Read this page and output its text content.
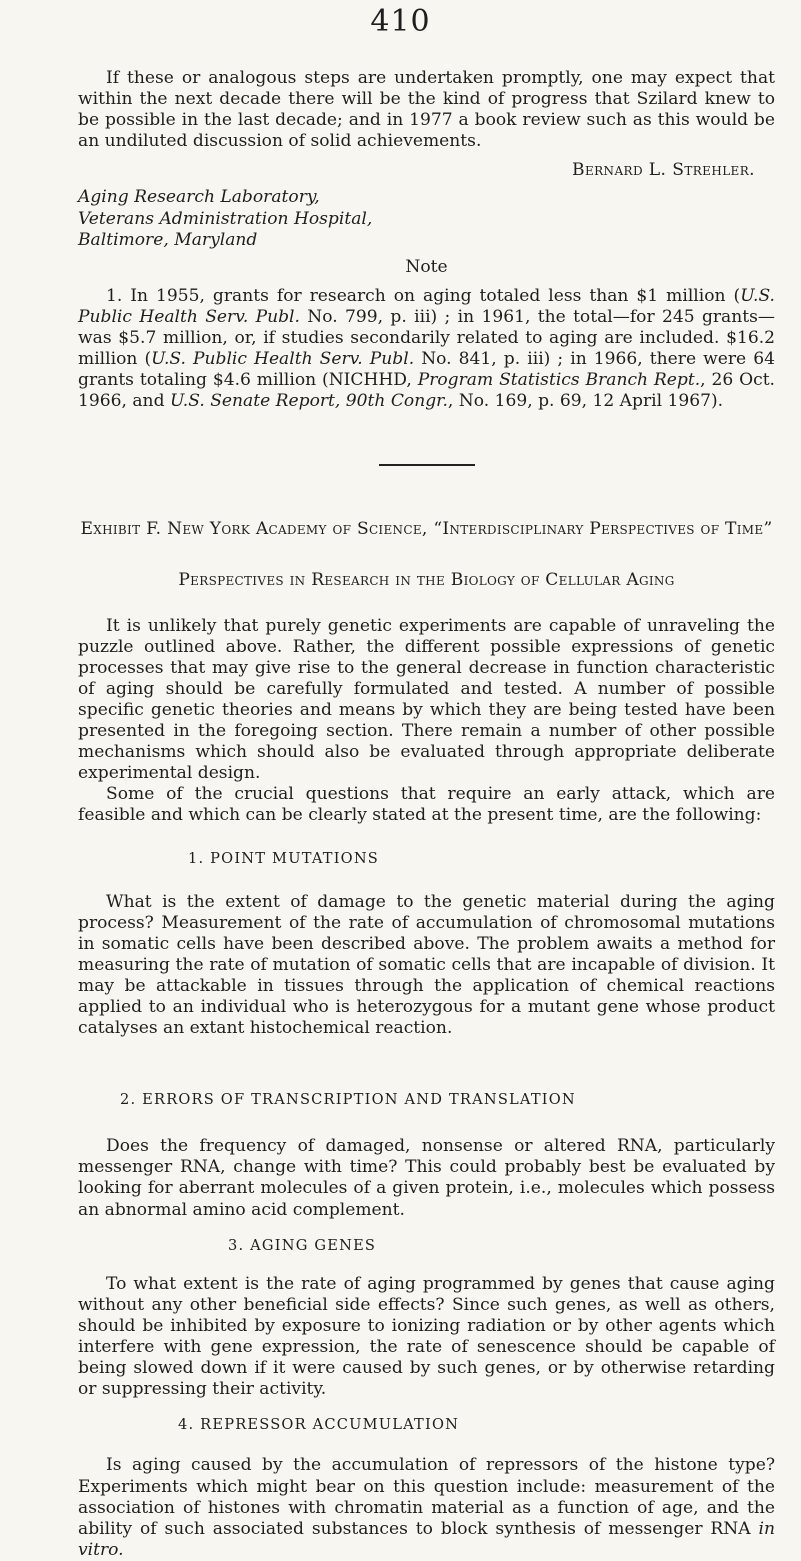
410

If these or analogous steps are undertaken promptly, one may expect that within the next decade there will be the kind of progress that Szilard knew to be possible in the last decade; and in 1977 a book review such as this would be an undiluted discussion of solid achievements.

Bernard L. Strehler.
Aging Research Laboratory,
Veterans Administration Hospital,
Baltimore, Maryland
Note

1. In 1955, grants for research on aging totaled less than $1 million (U.S. Public Health Serv. Publ. No. 799, p. iii) ; in 1961, the total—for 245 grants—was $5.7 million, or, if studies secondarily related to aging are included. $16.2 million (U.S. Public Health Serv. Publ. No. 841, p. iii) ; in 1966, there were 64 grants totaling $4.6 million (NICHHD, Program Statistics Branch Rept., 26 Oct. 1966, and U.S. Senate Report, 90th Congr., No. 169, p. 69, 12 April 1967).

Exhibit F. New York Academy of Science, “Interdisciplinary Perspectives of Time”
Perspectives in Research in the Biology of Cellular Aging

It is unlikely that purely genetic experiments are capable of unraveling the puzzle outlined above. Rather, the different possible expressions of genetic processes that may give rise to the general decrease in function characteristic of aging should be carefully formulated and tested. A number of possible specific genetic theories and means by which they are being tested have been presented in the foregoing section. There remain a number of other possible mechanisms which should also be evaluated through appropriate deliberate experimental design.

Some of the crucial questions that require an early attack, which are feasible and which can be clearly stated at the present time, are the following:

1. POINT MUTATIONS

What is the extent of damage to the genetic material during the aging process? Measurement of the rate of accumulation of chromosomal mutations in somatic cells have been described above. The problem awaits a method for measuring the rate of mutation of somatic cells that are incapable of division. It may be attackable in tissues through the application of chemical reactions applied to an individual who is heterozygous for a mutant gene whose product catalyses an extant histochemical reaction.

2. ERRORS OF TRANSCRIPTION AND TRANSLATION

Does the frequency of damaged, nonsense or altered RNA, particularly messenger RNA, change with time? This could probably best be evaluated by looking for aberrant molecules of a given protein, i.e., molecules which possess an abnormal amino acid complement.

3. AGING GENES

To what extent is the rate of aging programmed by genes that cause aging without any other beneficial side effects? Since such genes, as well as others, should be inhibited by exposure to ionizing radiation or by other agents which interfere with gene expression, the rate of senescence should be capable of being slowed down if it were caused by such genes, or by otherwise retarding or suppressing their activity.

4. REPRESSOR ACCUMULATION

Is aging caused by the accumulation of repressors of the histone type? Experiments which might bear on this question include: measurement of the association of histones with chromatin material as a function of age, and the ability of such associated substances to block synthesis of messenger RNA in vitro.
